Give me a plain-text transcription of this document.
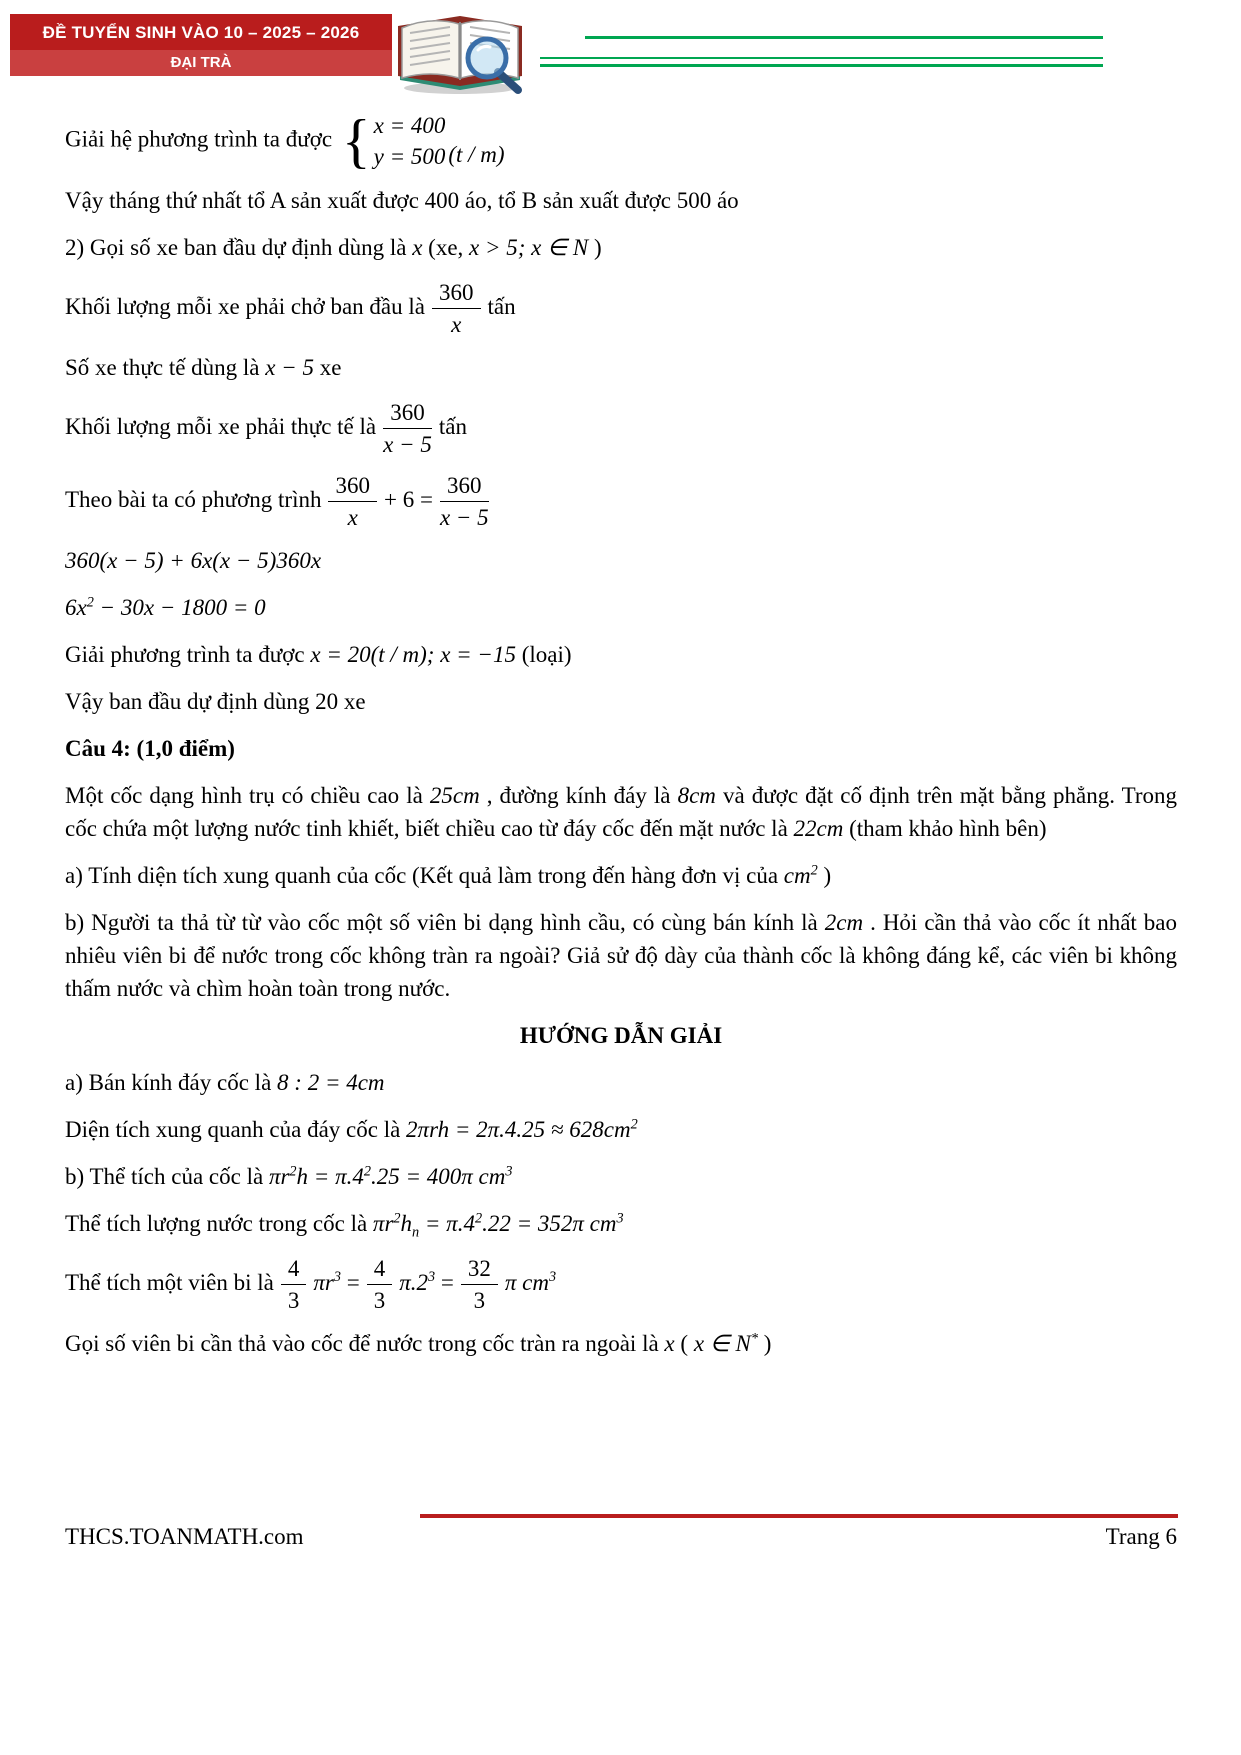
ĐỀ TUYỂN SINH VÀO 10 – 2025 – 2026
ĐẠI TRÀ

Giải hệ phương trình ta được { x = 400
y = 500 (t / m)

Vậy tháng thứ nhất tổ A sản xuất được 400 áo, tổ B sản xuất được 500 áo

2) Gọi số xe ban đầu dự định dùng là x (xe, x > 5; x ∈ N )

Khối lượng mỗi xe phải chở ban đầu là $\frac{360}{x}$ tấn

Số xe thực tế dùng là x − 5 xe

Khối lượng mỗi xe phải thực tế là $\frac{360}{x - 5}$ tấn

Theo bài ta có phương trình $\frac{360}{x} + 6 = \frac{360}{x - 5}$

360(x − 5) + 6x(x − 5)360x

$6x^2 - 30x - 1800 = 0$

Giải phương trình ta được x = 20(t / m); x = −15 (loại)

Vậy ban đầu dự định dùng 20 xe

Câu 4: (1,0 điểm)

Một cốc dạng hình trụ có chiều cao là 25cm , đường kính đáy là 8cm và được đặt cố định trên mặt bằng phẳng. Trong cốc chứa một lượng nước tinh khiết, biết chiều cao từ đáy cốc đến mặt nước là 22cm (tham khảo hình bên)

a) Tính diện tích xung quanh của cốc (Kết quả làm trong đến hàng đơn vị của $cm^2$ )

b) Người ta thả từ từ vào cốc một số viên bi dạng hình cầu, có cùng bán kính là 2cm . Hỏi cần thả vào cốc ít nhất bao nhiêu viên bi để nước trong cốc không tràn ra ngoài? Giả sử độ dày của thành cốc là không đáng kể, các viên bi không thấm nước và chìm hoàn toàn trong nước.

HƯỚNG DẪN GIẢI

a) Bán kính đáy cốc là 8 : 2 = 4cm

Diện tích xung quanh của đáy cốc là $2\pi rh = 2\pi.4.25 \approx 628cm^2$

b) Thể tích của cốc là $\pi r^2h = \pi.4^2.25 = 400\pi$ $cm^3$

Thể tích lượng nước trong cốc là $\pi r^2h_n = \pi.4^2.22 = 352\pi$ $cm^3$

Thể tích một viên bi là $\frac{4}{3} \pi r^3 = \frac{4}{3} \pi.2^3 = \frac{32}{3}$ π $cm^3$

Gọi số viên bi cần thả vào cốc để nước trong cốc tràn ra ngoài là x ( x ∈ N* )

THCS.TOANMATH.com	Trang 6
